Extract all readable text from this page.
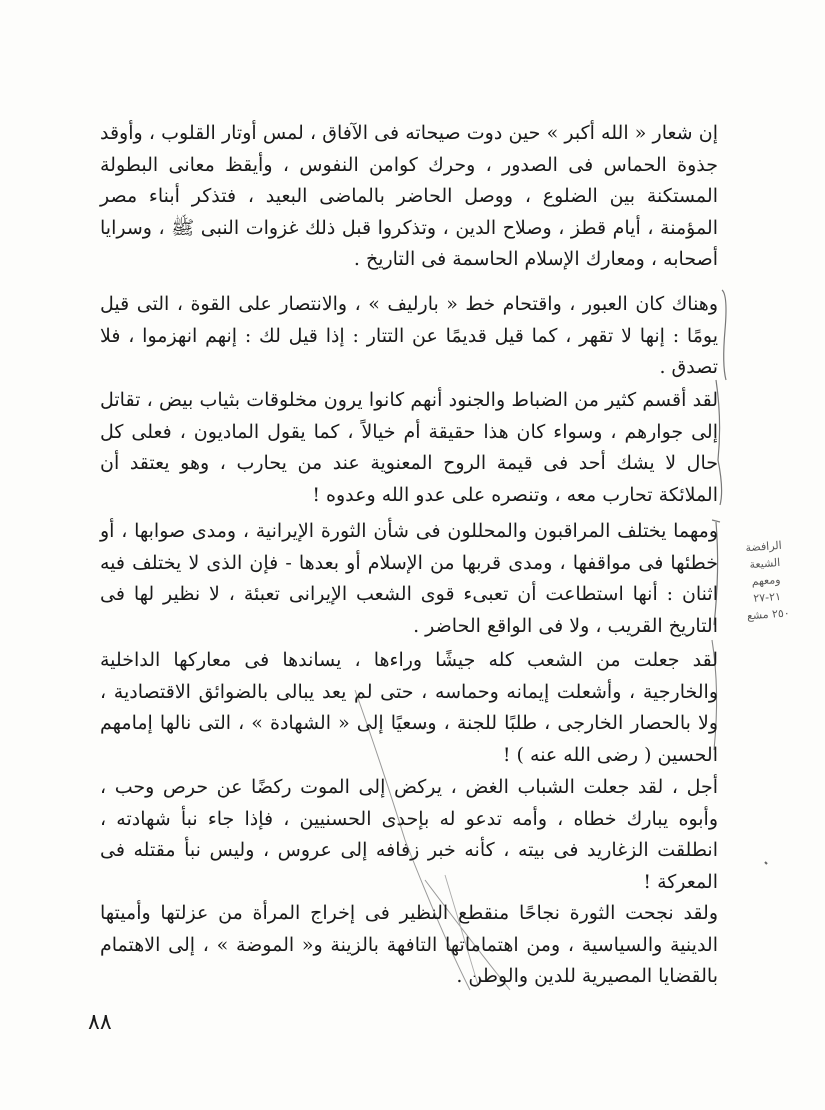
الرافضة
الشيعة
ومعهم
٢١-٢٧
٢٥٠ مشع

إن شعار « الله أكبر » حين دوت صيحاته فى الآفاق ، لمس أوتار القلوب ، وأوقد جذوة الحماس فى الصدور ، وحرك كوامن النفوس ، وأيقظ معانى البطولة المستكنة بين الضلوع ، ووصل الحاضر بالماضى البعيد ، فتذكر أبناء مصر المؤمنة ، أيام قطز ، وصلاح الدين ، وتذكروا قبل ذلك غزوات النبى ﷺ ، وسرايا أصحابه ، ومعارك الإسلام الحاسمة فى التاريخ .

وهناك كان العبور ، واقتحام خط « بارليف » ، والانتصار على القوة ، التى قيل يومًا : إنها لا تقهر ، كما قيل قديمًا عن التتار : إذا قيل لك : إنهم انهزموا ، فلا تصدق .

لقد أقسم كثير من الضباط والجنود أنهم كانوا يرون مخلوقات بثياب بيض ، تقاتل إلى جوارهم ، وسواء كان هذا حقيقة أم خيالاً ، كما يقول الماديون ، فعلى كل حال لا يشك أحد فى قيمة الروح المعنوية عند من يحارب ، وهو يعتقد أن الملائكة تحارب معه ، وتنصره على عدو الله وعدوه !

ومهما يختلف المراقبون والمحللون فى شأن الثورة الإيرانية ، ومدى صوابها ، أو خطئها فى مواقفها ، ومدى قربها من الإسلام أو بعدها - فإن الذى لا يختلف فيه اثنان : أنها استطاعت أن تعبىء قوى الشعب الإيرانى تعبئة ، لا نظير لها فى التاريخ القريب ، ولا فى الواقع الحاضر .

لقد جعلت من الشعب كله جيشًا وراءها ، يساندها فى معاركها الداخلية والخارجية ، وأشعلت إيمانه وحماسه ، حتى لم يعد يبالى بالضوائق الاقتصادية ، ولا بالحصار الخارجى ، طلبًا للجنة ، وسعيًا إلى « الشهادة » ، التى نالها إمامهم الحسين ( رضى الله عنه ) !

أجل ، لقد جعلت الشباب الغض ، يركض إلى الموت ركضًا عن حرص وحب ، وأبوه يبارك خطاه ، وأمه تدعو له بإحدى الحسنيين ، فإذا جاء نبأ شهادته ، انطلقت الزغاريد فى بيته ، كأنه خبر زفافه إلى عروس ، وليس نبأ مقتله فى المعركة !

ولقد نجحت الثورة نجاحًا منقطع النظير فى إخراج المرأة من عزلتها وأميتها الدينية والسياسية ، ومن اهتماماتها التافهة بالزينة و« الموضة » ، إلى الاهتمام بالقضايا المصيرية للدين والوطن .

٨٨
